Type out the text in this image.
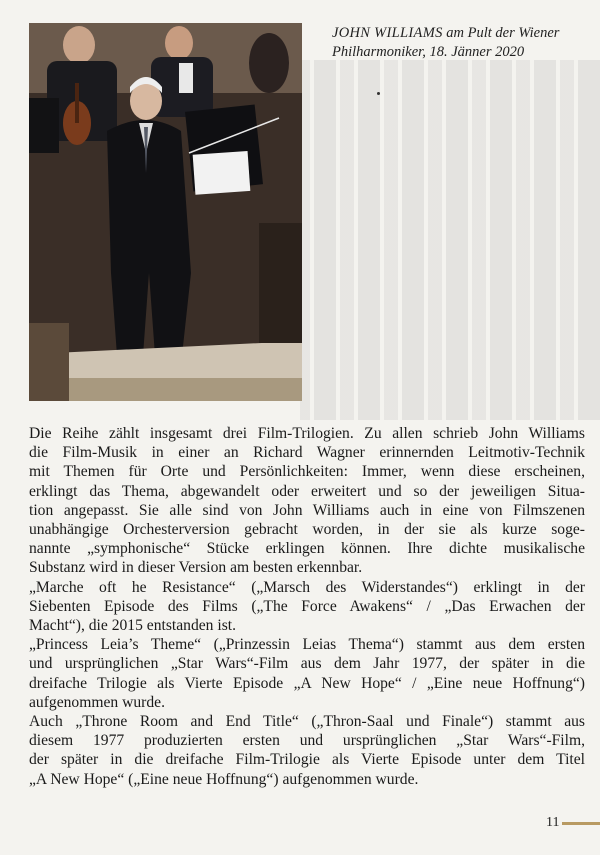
JOHN WILLIAMS am Pult der Wiener
Philharmoniker, 18. Jänner 2020

Die Reihe zählt insgesamt drei Film-Trilogien. Zu allen schrieb John Williams
die Film-Musik in einer an Richard Wagner erinnernden Leitmotiv-Technik
mit Themen für Orte und Persönlichkeiten: Immer, wenn diese erscheinen,
erklingt das Thema, abgewandelt oder erweitert und so der jeweiligen Situa-
tion angepasst. Sie alle sind von John Williams auch in eine von Filmszenen
unabhängige Orchesterversion gebracht worden, in der sie als kurze soge-
nannte „symphonische“ Stücke erklingen können. Ihre dichte musikalische
Substanz wird in dieser Version am besten erkennbar.

„Marche oft he Resistance“ („Marsch des Widerstandes“) erklingt in der
Siebenten Episode des Films („The Force Awakens“ / „Das Erwachen der
Macht“), die 2015 entstanden ist.

„Princess Leia’s Theme“ („Prinzessin Leias Thema“) stammt aus dem ersten
und ursprünglichen „Star Wars“-Film aus dem Jahr 1977, der später in die
dreifache Trilogie als Vierte Episode „A New Hope“ / „Eine neue Hoffnung“)
aufgenommen wurde.

Auch „Throne Room and End Title“ („Thron-Saal und Finale“) stammt aus
diesem 1977 produzierten ersten und ursprünglichen „Star Wars“-Film,
der später in die dreifache Film-Trilogie als Vierte Episode unter dem Titel
„A New Hope“ („Eine neue Hoffnung“) aufgenommen wurde.

11
